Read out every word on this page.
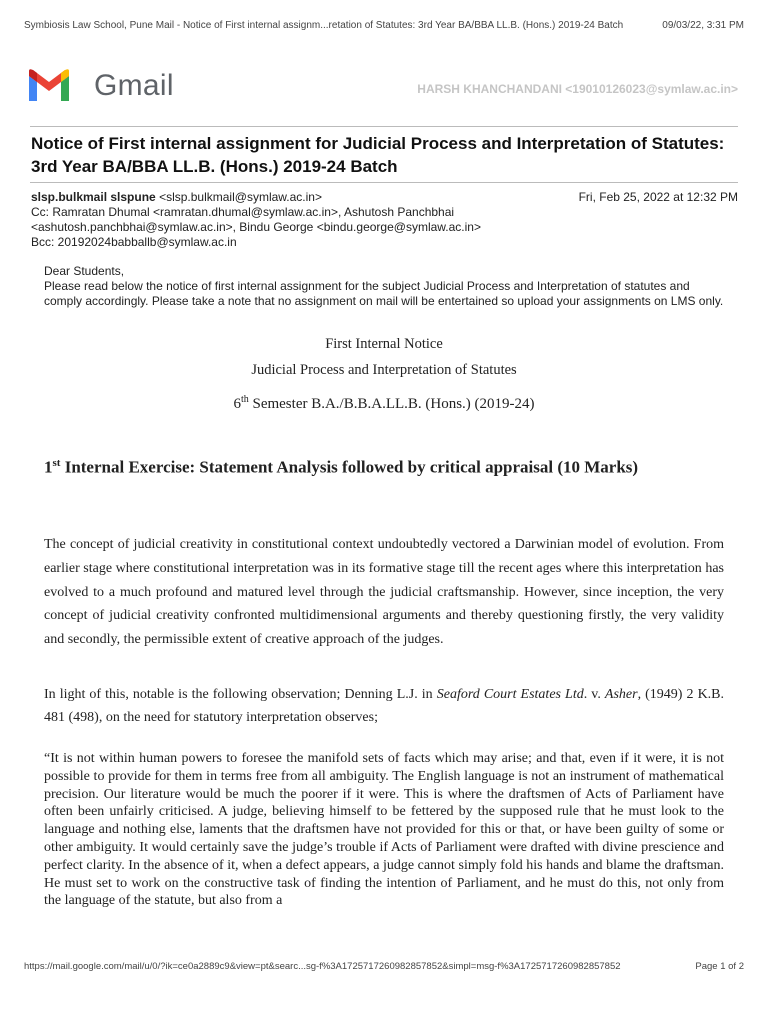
Symbiosis Law School, Pune Mail - Notice of First internal assignm...retation of Statutes: 3rd Year BA/BBA LL.B. (Hons.) 2019-24 Batch	09/03/22, 3:31 PM
Gmail	HARSH KHANCHANDANI <19010126023@symlaw.ac.in>
Notice of First internal assignment for Judicial Process and Interpretation of Statutes: 3rd Year BA/BBA LL.B. (Hons.) 2019-24 Batch
slsp.bulkmail slspune <slsp.bulkmail@symlaw.ac.in>	Fri, Feb 25, 2022 at 12:32 PM
Cc: Ramratan Dhumal <ramratan.dhumal@symlaw.ac.in>, Ashutosh Panchbhai
<ashutosh.panchbhai@symlaw.ac.in>, Bindu George <bindu.george@symlaw.ac.in>
Bcc: 20192024babballb@symlaw.ac.in
Dear Students,
Please read below the notice of first internal assignment for the subject Judicial Process and Interpretation of statutes and comply accordingly. Please take a note that no assignment on mail will be entertained so upload your assignments on LMS only.
First Internal Notice
Judicial Process and Interpretation of Statutes
6th Semester B.A./B.B.A.LL.B. (Hons.) (2019-24)
1st Internal Exercise: Statement Analysis followed by critical appraisal (10 Marks)
The concept of judicial creativity in constitutional context undoubtedly vectored a Darwinian model of evolution. From earlier stage where constitutional interpretation was in its formative stage till the recent ages where this interpretation has evolved to a much profound and matured level through the judicial craftsmanship. However, since inception, the very concept of judicial creativity confronted multidimensional arguments and thereby questioning firstly, the very validity and secondly, the permissible extent of creative approach of the judges.
In light of this, notable is the following observation; Denning L.J. in Seaford Court Estates Ltd. v. Asher, (1949) 2 K.B. 481 (498), on the need for statutory interpretation observes;
“It is not within human powers to foresee the manifold sets of facts which may arise; and that, even if it were, it is not possible to provide for them in terms free from all ambiguity. The English language is not an instrument of mathematical precision. Our literature would be much the poorer if it were. This is where the draftsmen of Acts of Parliament have often been unfairly criticised. A judge, believing himself to be fettered by the supposed rule that he must look to the language and nothing else, laments that the draftsmen have not provided for this or that, or have been guilty of some or other ambiguity. It would certainly save the judge’s trouble if Acts of Parliament were drafted with divine prescience and perfect clarity. In the absence of it, when a defect appears, a judge cannot simply fold his hands and blame the draftsman. He must set to work on the constructive task of finding the intention of Parliament, and he must do this, not only from the language of the statute, but also from a
https://mail.google.com/mail/u/0/?ik=ce0a2889c9&view=pt&searc...sg-f%3A1725717260982857852&simpl=msg-f%3A1725717260982857852	Page 1 of 2
